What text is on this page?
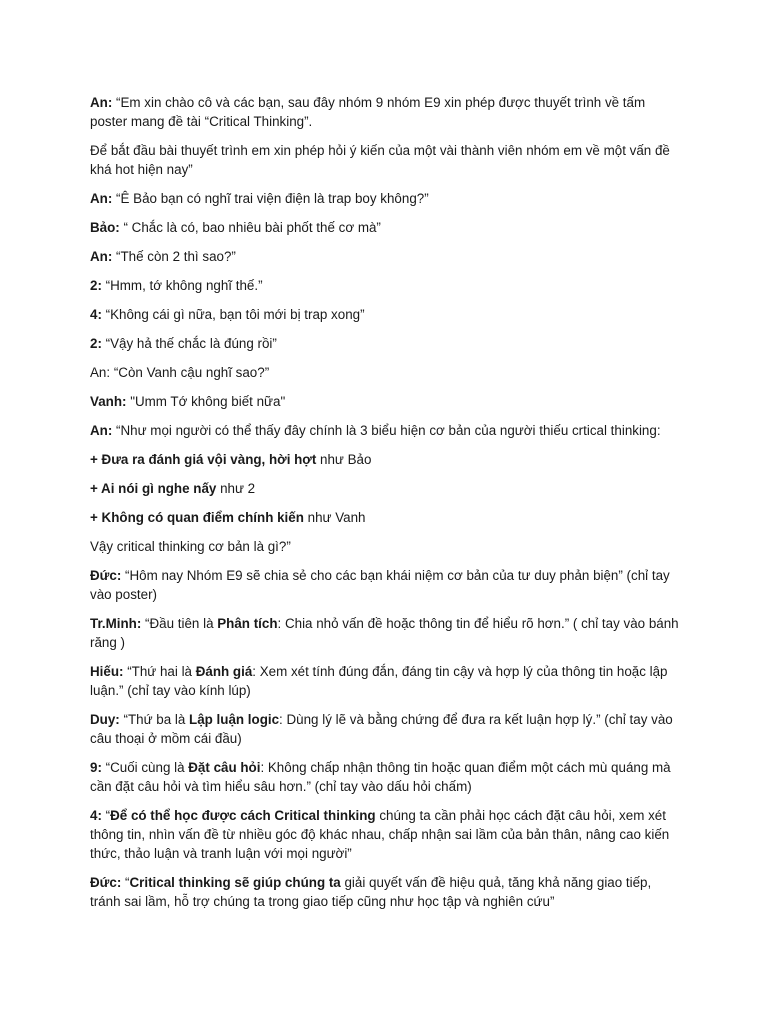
An: “Em xin chào cô và các bạn, sau đây nhóm 9 nhóm E9 xin phép được thuyết trình về tấm poster mang đề tài “Critical Thinking”.

Để bắt đầu bài thuyết trình em xin phép hỏi ý kiến của một vài thành viên nhóm em về một vấn đề khá hot hiện nay”

An: “Ê Bảo bạn có nghĩ trai viện điện là trap boy không?”

Bảo: “ Chắc là có, bao nhiêu bài phốt thế cơ mà”

An: “Thế còn 2 thì sao?”

2: “Hmm, tớ không nghĩ thế.”

4: “Không cái gì nữa, bạn tôi mới bị trap xong”

2: “Vậy hả thế chắc là đúng rồi”

An: “Còn Vanh cậu nghĩ sao?”

Vanh: "Umm Tớ không biết nữa"

An: “Như mọi người có thể thấy đây chính là 3 biểu hiện cơ bản của người thiếu crtical thinking:

+ Đưa ra đánh giá vội vàng, hời hợt như Bảo

+ Ai nói gì nghe nấy như 2

+ Không có quan điểm chính kiến như Vanh

Vậy critical thinking cơ bản là gì?”

Đức: “Hôm nay Nhóm E9 sẽ chia sẻ cho các bạn khái niệm cơ bản của tư duy phản biện” (chỉ tay vào poster)

Tr.Minh: “Đầu tiên là Phân tích: Chia nhỏ vấn đề hoặc thông tin để hiểu rõ hơn.” ( chỉ tay vào bánh răng )

Hiếu: “Thứ hai là Đánh giá: Xem xét tính đúng đắn, đáng tin cậy và hợp lý của thông tin hoặc lập luận.” (chỉ tay vào kính lúp)

Duy: “Thứ ba là Lập luận logic: Dùng lý lẽ và bằng chứng để đưa ra kết luận hợp lý.” (chỉ tay vào câu thoại ở mồm cái đầu)

9: “Cuối cùng là Đặt câu hỏi: Không chấp nhận thông tin hoặc quan điểm một cách mù quáng mà cần đặt câu hỏi và tìm hiểu sâu hơn.” (chỉ tay vào dấu hỏi chấm)

4: “Để có thể học được cách Critical thinking chúng ta cần phải học cách đặt câu hỏi, xem xét thông tin, nhìn vấn đề từ nhiều góc độ khác nhau, chấp nhận sai lầm của bản thân, nâng cao kiến thức, thảo luận và tranh luận với mọi người”

Đức: “Critical thinking sẽ giúp chúng ta giải quyết vấn đề hiệu quả, tăng khả năng giao tiếp, tránh sai lầm, hỗ trợ chúng ta trong giao tiếp cũng như học tập và nghiên cứu”
